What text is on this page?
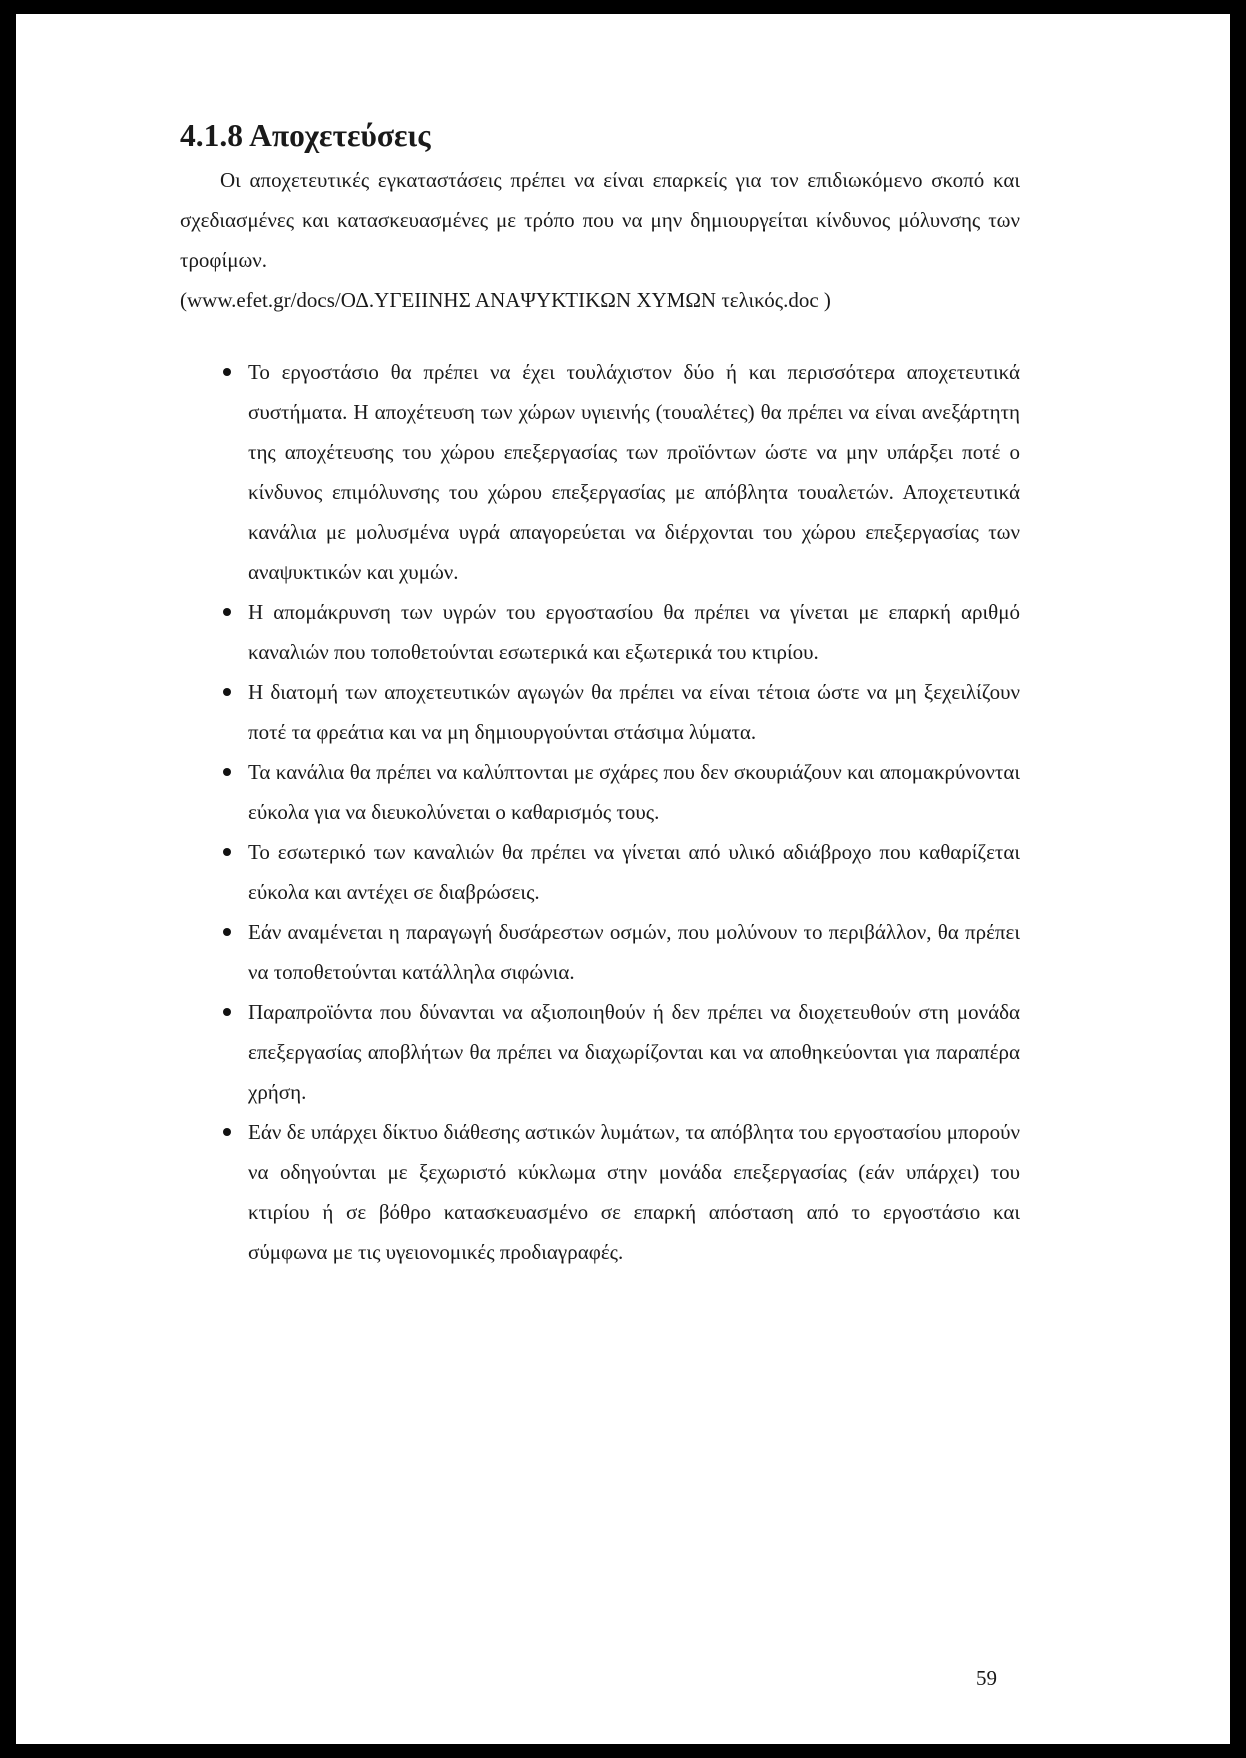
4.1.8 Αποχετεύσεις

Οι αποχετευτικές εγκαταστάσεις πρέπει να είναι επαρκείς για τον επιδιωκόμενο σκοπό και σχεδιασμένες και κατασκευασμένες με τρόπο που να μην δημιουργείται κίνδυνος μόλυνσης των τροφίμων.

(www.efet.gr/docs/ΟΔ.ΥΓΕΙΙΝΗΣ ΑΝΑΨΥΚΤΙΚΩΝ ΧΥΜΩΝ τελικός.doc )

Το εργοστάσιο θα πρέπει να έχει τουλάχιστον δύο ή και περισσότερα αποχετευτικά συστήματα. Η αποχέτευση των χώρων υγιεινής (τουαλέτες) θα πρέπει να είναι ανεξάρτητη της αποχέτευσης του χώρου επεξεργασίας των προϊόντων ώστε να μην υπάρξει ποτέ ο κίνδυνος επιμόλυνσης του χώρου επεξεργασίας με απόβλητα τουαλετών. Αποχετευτικά κανάλια με μολυσμένα υγρά απαγορεύεται να διέρχονται του χώρου επεξεργασίας των αναψυκτικών και χυμών.
Η απομάκρυνση των υγρών του εργοστασίου θα πρέπει να γίνεται με επαρκή αριθμό καναλιών που τοποθετούνται εσωτερικά και εξωτερικά του κτιρίου.
Η διατομή των αποχετευτικών αγωγών θα πρέπει να είναι τέτοια ώστε να μη ξεχειλίζουν ποτέ τα φρεάτια και να μη δημιουργούνται στάσιμα λύματα.
Τα κανάλια θα πρέπει να καλύπτονται με σχάρες που δεν σκουριάζουν και απομακρύνονται εύκολα για να διευκολύνεται ο καθαρισμός τους.
Το εσωτερικό των καναλιών θα πρέπει να γίνεται από υλικό αδιάβροχο που καθαρίζεται εύκολα και αντέχει σε διαβρώσεις.
Εάν αναμένεται η παραγωγή δυσάρεστων οσμών, που μολύνουν το περιβάλλον, θα πρέπει να τοποθετούνται κατάλληλα σιφώνια.
Παραπροϊόντα που δύνανται να αξιοποιηθούν ή δεν πρέπει να διοχετευθούν στη μονάδα επεξεργασίας αποβλήτων θα πρέπει να διαχωρίζονται και να αποθηκεύονται για παραπέρα χρήση.
Εάν δε υπάρχει δίκτυο διάθεσης αστικών λυμάτων, τα απόβλητα του εργοστασίου μπορούν να οδηγούνται με ξεχωριστό κύκλωμα στην μονάδα επεξεργασίας (εάν υπάρχει) του κτιρίου ή σε βόθρο κατασκευασμένο σε επαρκή απόσταση από το εργοστάσιο και σύμφωνα με τις υγειονομικές προδιαγραφές.
59
